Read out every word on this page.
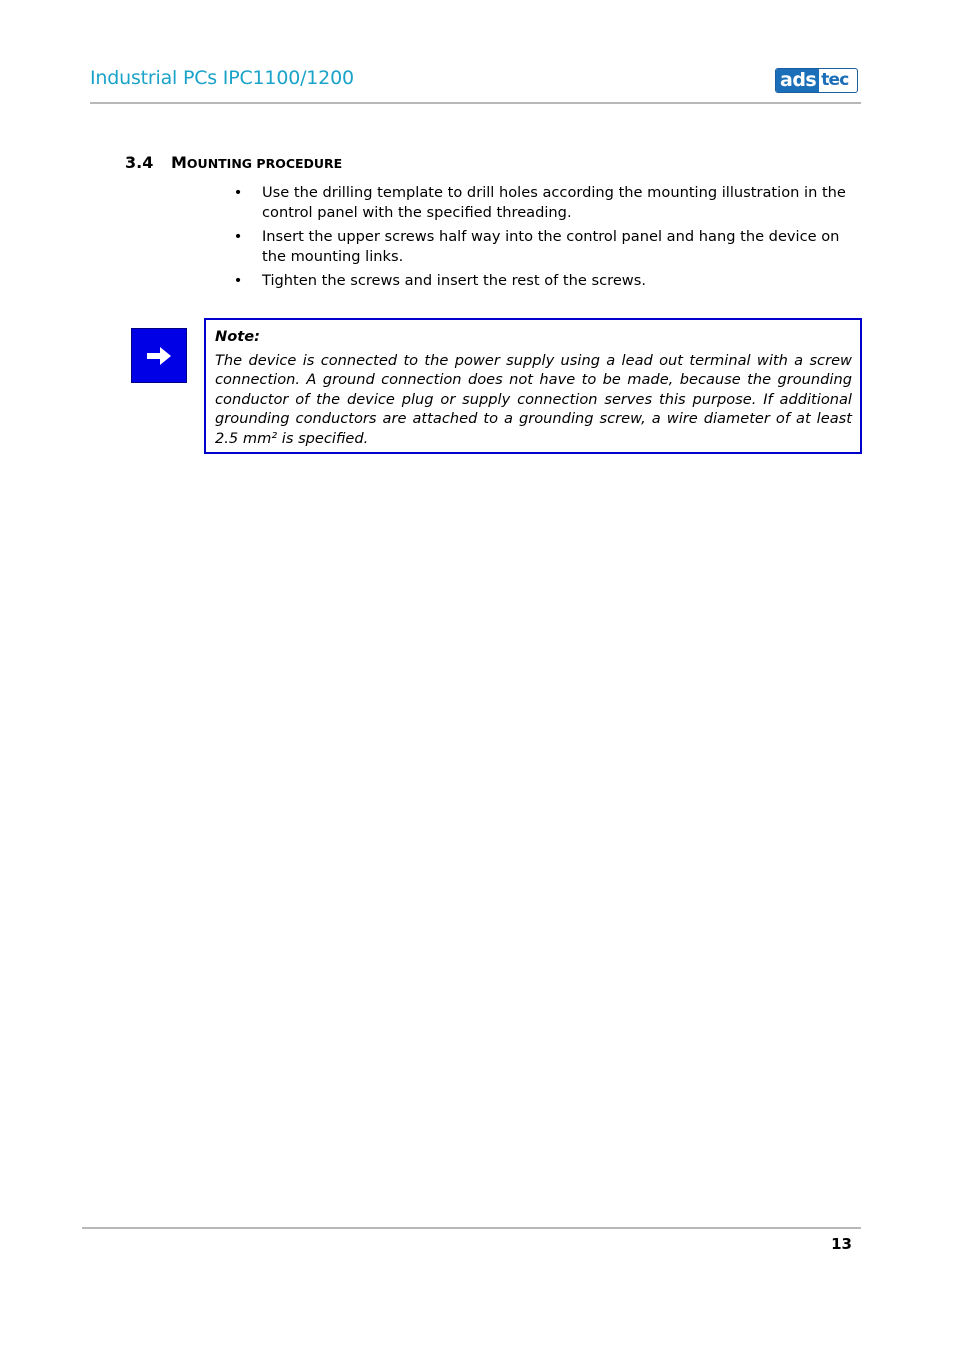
Industrial PCs IPC1100/1200	ads tec
3.4 MOUNTING PROCEDURE
• Use the drilling template to drill holes according the mounting illustration in the control panel with the specified threading.
• Insert the upper screws half way into the control panel and hang the device on the mounting links.
• Tighten the screws and insert the rest of the screws.
Note:
The device is connected to the power supply using a lead out terminal with a screw connection. A ground connection does not have to be made, because the grounding conductor of the device plug or supply connection serves this purpose. If additional grounding conductors are attached to a grounding screw, a wire diameter of at least 2.5 mm² is specified.
13
